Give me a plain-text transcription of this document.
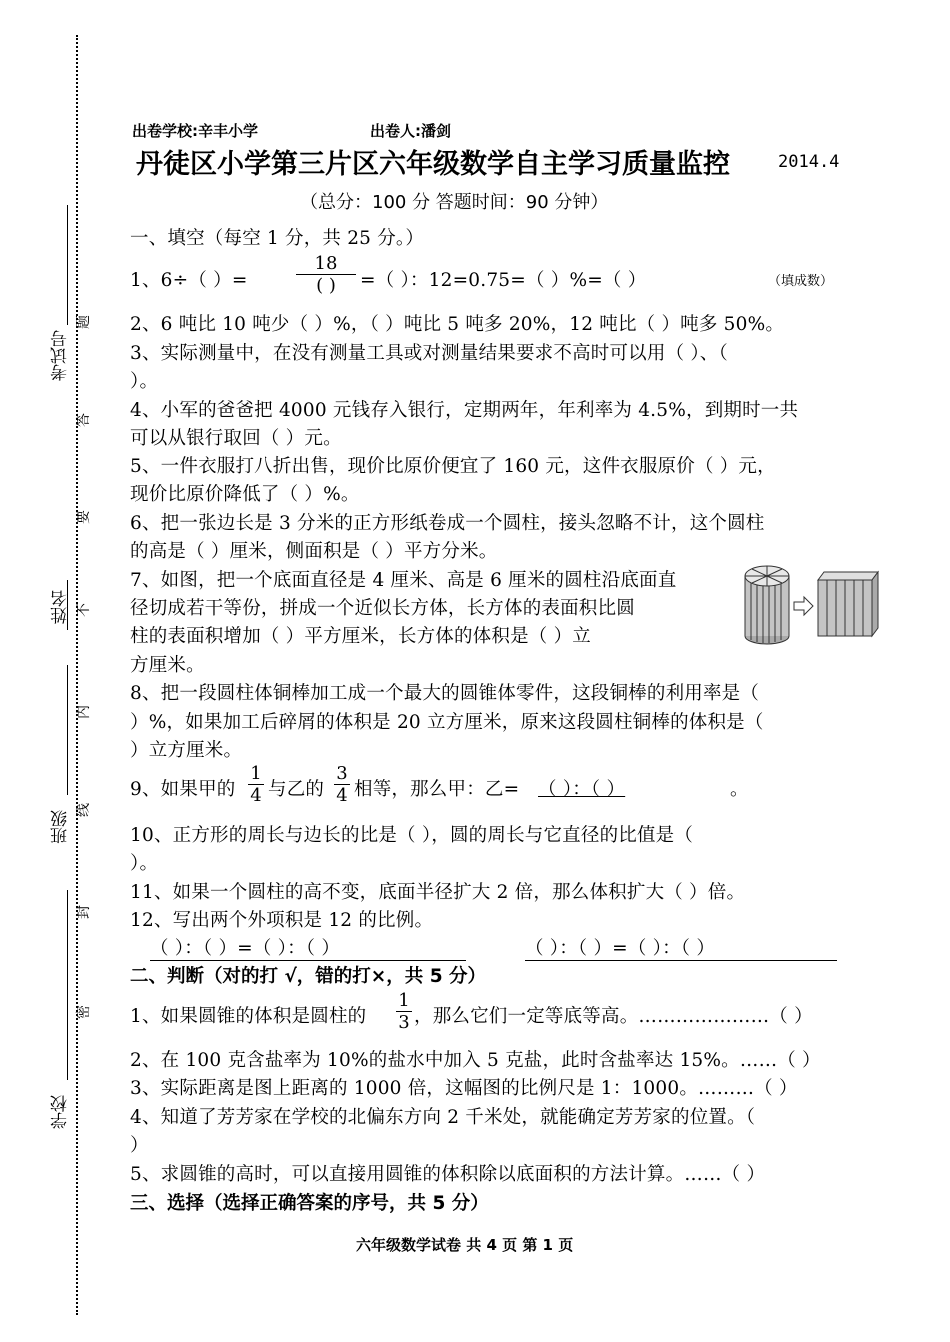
考试号
姓名
班级
学校
题
答
要
不
内
线
封
密
出卷学校:辛丰小学	出卷人:潘剑
丹徒区小学第三片区六年级数学自主学习质量监控	2014.4
（总分：100 分 答题时间：90 分钟）
一、填空（每空 1 分，共 25 分。）
1、6÷（ ）=
18
( )	=（ ）：12=0.75=（ ）%=（ ）	（填成数）
2、6 吨比 10 吨少（ ）%，（ ）吨比 5 吨多 20%，12 吨比（ ）吨多 50%。
3、实际测量中，在没有测量工具或对测量结果要求不高时可以用（ ）、（
）。
4、小军的爸爸把 4000 元钱存入银行，定期两年，年利率为 4.5%，到期时一共
可以从银行取回（ ）元。
5、一件衣服打八折出售，现价比原价便宜了 160 元，这件衣服原价（ ）元，
现价比原价降低了（ ）%。
6、把一张边长是 3 分米的正方形纸卷成一个圆柱，接头忽略不计，这个圆柱
的高是（ ）厘米，侧面积是（ ）平方分米。
7、如图，把一个底面直径是 4 厘米、高是 6 厘米的圆柱沿底面直
径切成若干等份，拼成一个近似长方体，长方体的表面积比圆
柱的表面积增加（ ）平方厘米，长方体的体积是（ ）立
方厘米。
8、把一段圆柱体铜棒加工成一个最大的圆锥体零件，这段铜棒的利用率是（
）%，如果加工后碎屑的体积是 20 立方厘米，原来这段圆柱铜棒的体积是（
）立方厘米。
9、如果甲的 $\frac{1}{4}$ 与乙的 $\frac{3}{4}$ 相等，那么甲：乙= （ ）：（ ）	。
10、正方形的周长与边长的比是（ ），圆的周长与它直径的比值是（
）。
11、如果一个圆柱的高不变，底面半径扩大 2 倍，那么体积扩大（ ）倍。
12、写出两个外项积是 12 的比例。
（ ）：（ ）=（ ）：（ ）	（ ）：（ ）=（ ）：（ ）
二、判断（对的打 √，错的打×，共 5 分）
1、如果圆锥的体积是圆柱的 $\frac{1}{3}$ ，那么它们一定等底等高。…………………（ ）
2、在 100 克含盐率为 10%的盐水中加入 5 克盐，此时含盐率达 15%。……（ ）
3、实际距离是图上距离的 1000 倍，这幅图的比例尺是 1：1000。………（ ）
4、知道了芳芳家在学校的北偏东方向 2 千米处，就能确定芳芳家的位置。（
）
5、求圆锥的高时，可以直接用圆锥的体积除以底面积的方法计算。……（ ）
三、选择（选择正确答案的序号，共 5 分）
六年级数学试卷 共 4 页 第 1 页
